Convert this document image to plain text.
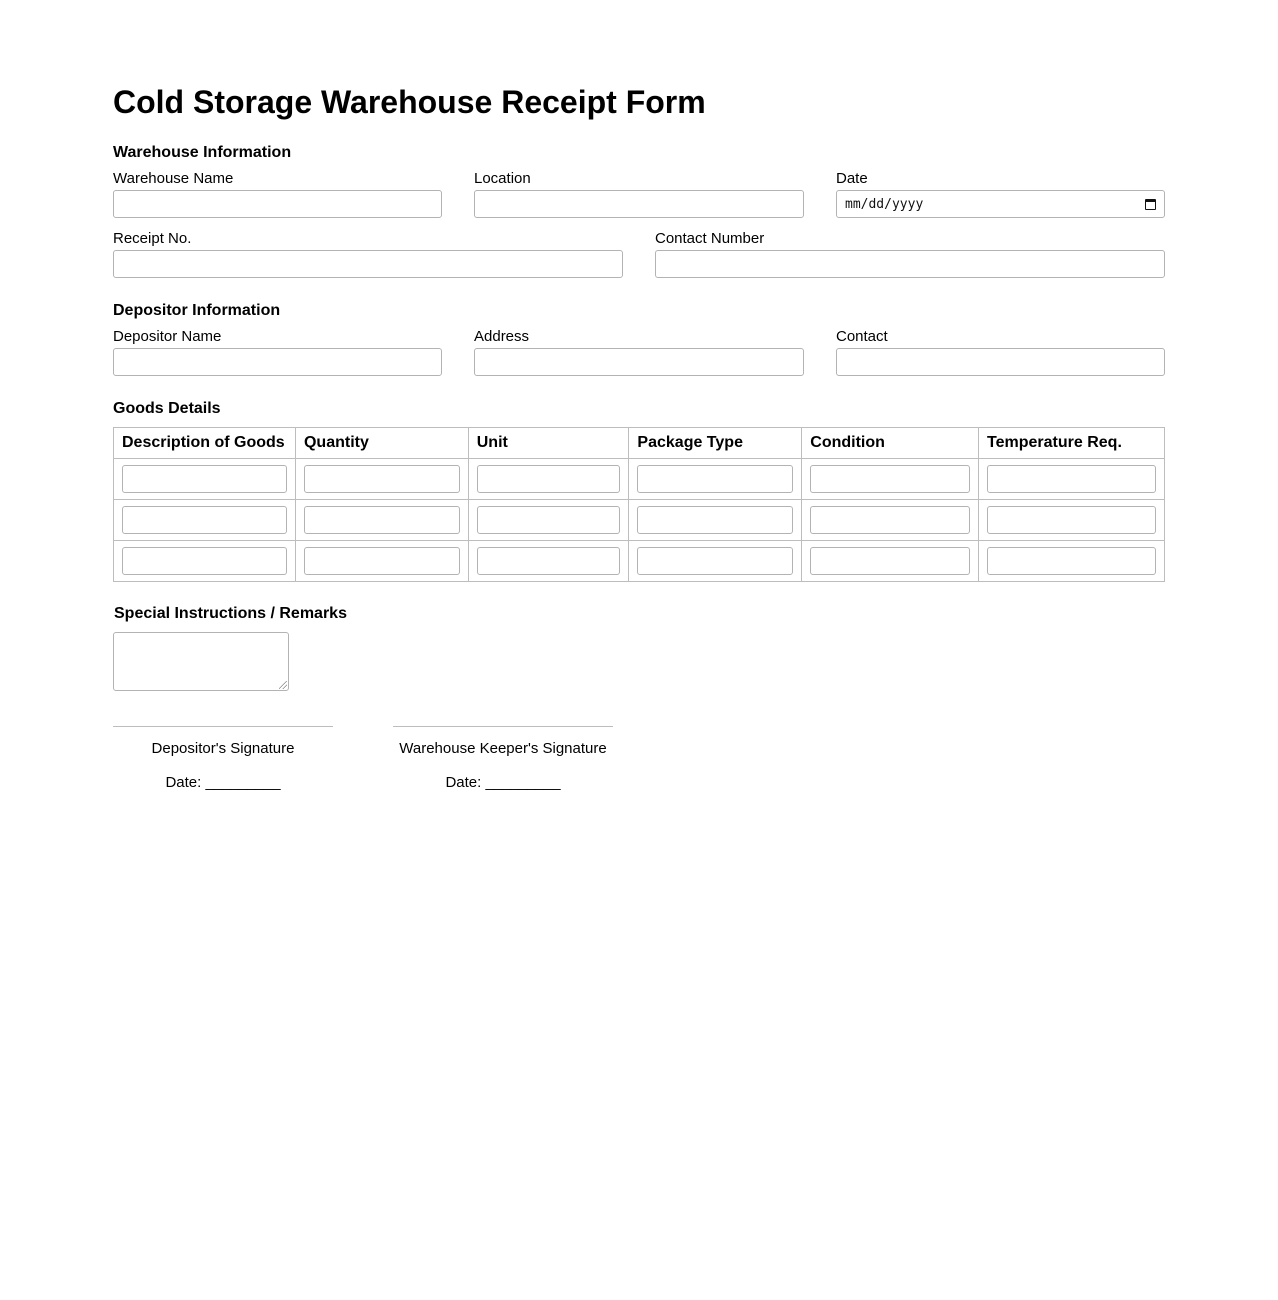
Cold Storage Warehouse Receipt Form
Warehouse Information
Warehouse Name	Location	Date
mm/dd/yyyy
Receipt No.	Contact Number
Depositor Information
Depositor Name	Address	Contact
Goods Details
Description of Goods	Quantity	Unit	Package Type	Condition	Temperature Req.

Special Instructions / Remarks
Depositor's Signature
Date: _________
Warehouse Keeper's Signature
Date: _________
